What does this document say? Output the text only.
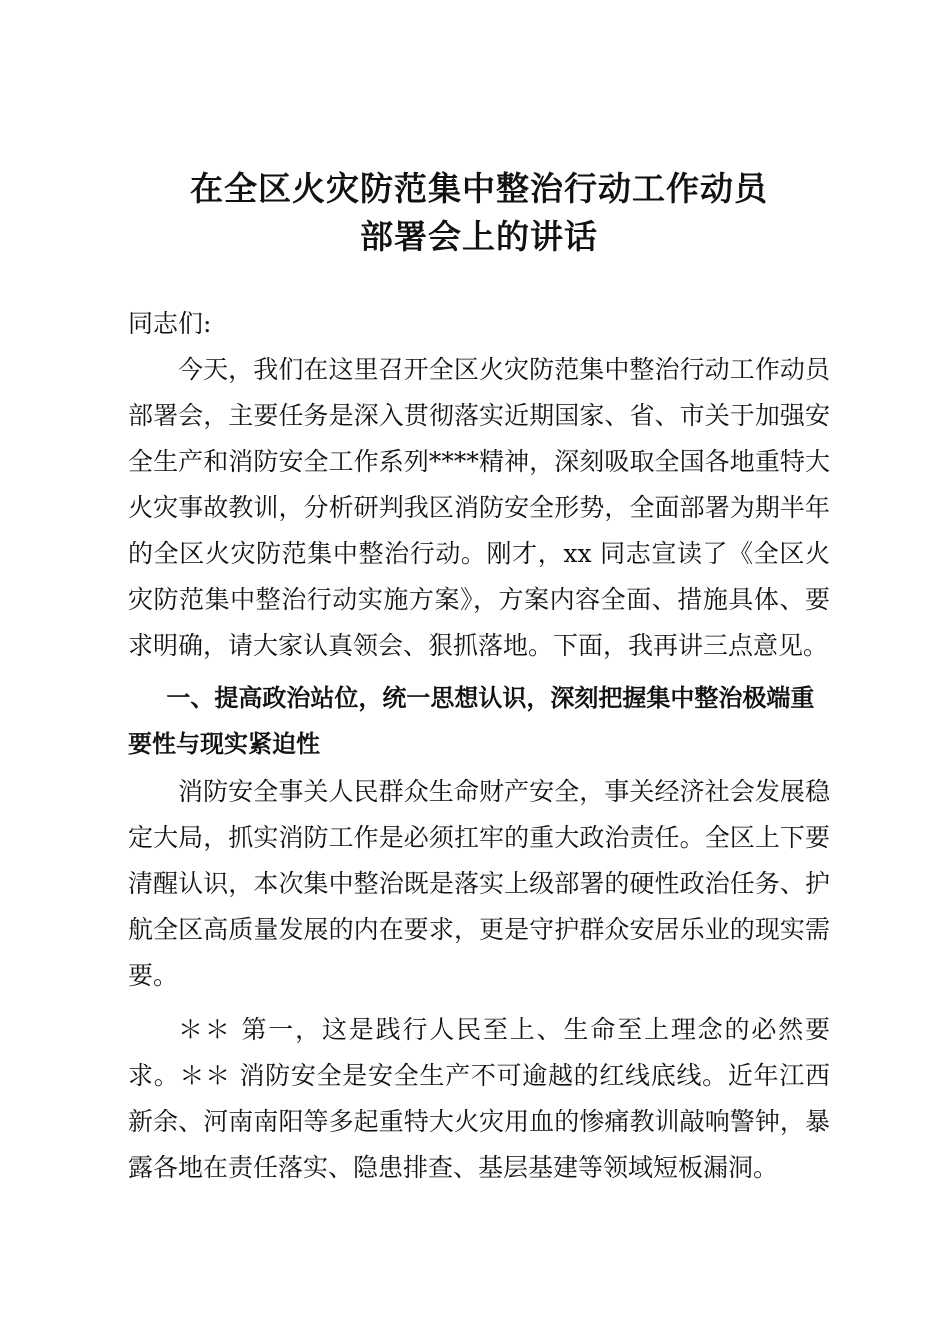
在全区火灾防范集中整治行动工作动员
部署会上的讲话

同志们:

今天，我们在这里召开全区火灾防范集中整治行动工作动员部署会，主要任务是深入贯彻落实近期国家、省、市关于加强安全生产和消防安全工作系列****精神，深刻吸取全国各地重特大火灾事故教训，分析研判我区消防安全形势，全面部署为期半年的全区火灾防范集中整治行动。刚才，xx 同志宣读了《全区火灾防范集中整治行动实施方案》，方案内容全面、措施具体、要求明确，请大家认真领会、狠抓落地。下面，我再讲三点意见。

一、提高政治站位，统一思想认识，深刻把握集中整治极端重要性与现实紧迫性

消防安全事关人民群众生命财产安全，事关经济社会发展稳定大局，抓实消防工作是必须扛牢的重大政治责任。全区上下要清醒认识，本次集中整治既是落实上级部署的硬性政治任务、护航全区高质量发展的内在要求，更是守护群众安居乐业的现实需要。

＊＊ 第一，这是践行人民至上、生命至上理念的必然要求。＊＊ 消防安全是安全生产不可逾越的红线底线。近年江西新余、河南南阳等多起重特大火灾用血的惨痛教训敲响警钟，暴露各地在责任落实、隐患排查、基层基建等领域短板漏洞。
